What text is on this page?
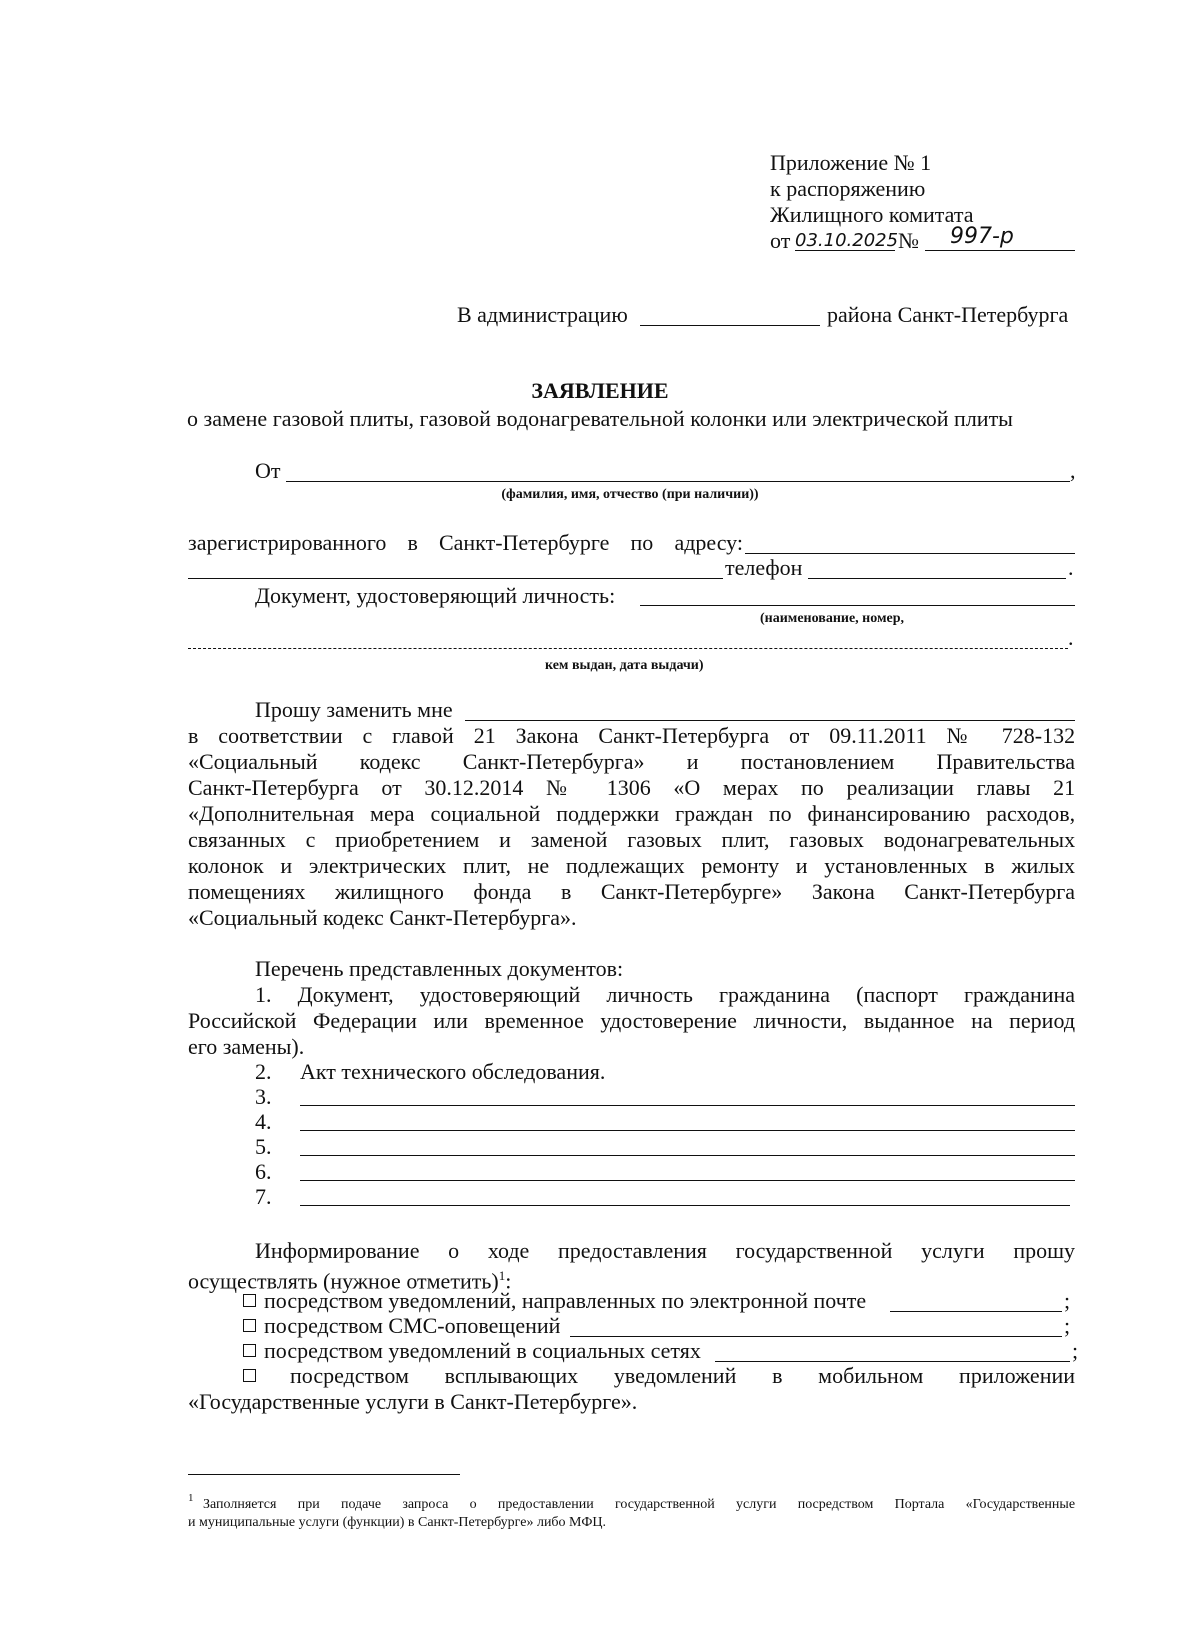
Приложение № 1
к распоряжению
Жилищного комитата
от 03.10.2025 № 997-р
В администрацию	района Санкт-Петербурга
ЗАЯВЛЕНИЕ
о замене газовой плиты, газовой водонагревательной колонки или электрической плиты
От	,
(фамилия, имя, отчество (при наличии))
зарегистрированного в Санкт-Петербурге по адресу:
телефон	.
Документ, удостоверяющий личность:
(наименование, номер,
.
кем выдан, дата выдачи)
Прошу заменить мне
в соответствии с главой 21 Закона Санкт-Петербурга от 09.11.2011 № 728-132
«Социальный кодекс Санкт-Петербурга» и постановлением Правительства
Санкт-Петербурга от 30.12.2014 № 1306 «О мерах по реализации главы 21
«Дополнительная мера социальной поддержки граждан по финансированию расходов,
связанных с приобретением и заменой газовых плит, газовых водонагревательных
колонок и электрических плит, не подлежащих ремонту и установленных в жилых
помещениях жилищного фонда в Санкт-Петербурге» Закона Санкт-Петербурга
«Социальный кодекс Санкт-Петербурга».
Перечень представленных документов:
1. Документ, удостоверяющий личность гражданина (паспорт гражданина
Российской Федерации или временное удостоверение личности, выданное на период
его замены).
2. Акт технического обследования.
3.
4.
5.
6.
7.
Информирование о ходе предоставления государственной услуги прошу
осуществлять (нужное отметить)$^1$:
посредством уведомлений, направленных по электронной почте	;
посредством СМС-оповещений	;
посредством уведомлений в социальных сетях	;
посредством всплывающих уведомлений в мобильном приложении
«Государственные услуги в Санкт-Петербурге».
1 Заполняется при подаче запроса о предоставлении государственной услуги посредством Портала «Государственные
и муниципальные услуги (функции) в Санкт-Петербурге» либо МФЦ.
